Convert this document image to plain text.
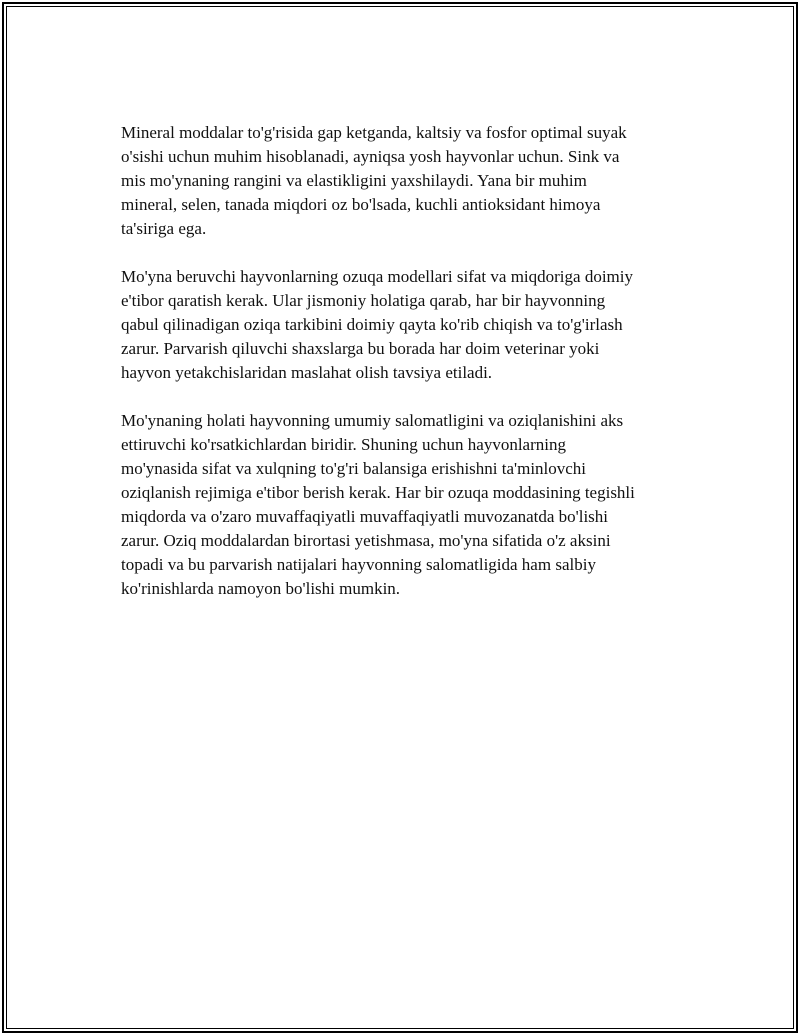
Mineral moddalar to'g'risida gap ketganda, kaltsiy va fosfor optimal suyak
o'sishi uchun muhim hisoblanadi, ayniqsa yosh hayvonlar uchun. Sink va
mis mo'ynaning rangini va elastikligini yaxshilaydi. Yana bir muhim
mineral, selen, tanada miqdori oz bo'lsada, kuchli antioksidant himoya
ta'siriga ega.

Mo'yna beruvchi hayvonlarning ozuqa modellari sifat va miqdoriga doimiy
e'tibor qaratish kerak. Ular jismoniy holatiga qarab, har bir hayvonning
qabul qilinadigan oziqa tarkibini doimiy qayta ko'rib chiqish va to'g'irlash
zarur. Parvarish qiluvchi shaxslarga bu borada har doim veterinar yoki
hayvon yetakchislaridan maslahat olish tavsiya etiladi.

Mo'ynaning holati hayvonning umumiy salomatligini va oziqlanishini aks
ettiruvchi ko'rsatkichlardan biridir. Shuning uchun hayvonlarning
mo'ynasida sifat va xulqning to'g'ri balansiga erishishni ta'minlovchi
oziqlanish rejimiga e'tibor berish kerak. Har bir ozuqa moddasining tegishli
miqdorda va o'zaro muvaffaqiyatli muvaffaqiyatli muvozanatda bo'lishi
zarur. Oziq moddalardan birortasi yetishmasa, mo'yna sifatida o'z aksini
topadi va bu parvarish natijalari hayvonning salomatligida ham salbiy
ko'rinishlarda namoyon bo'lishi mumkin.
